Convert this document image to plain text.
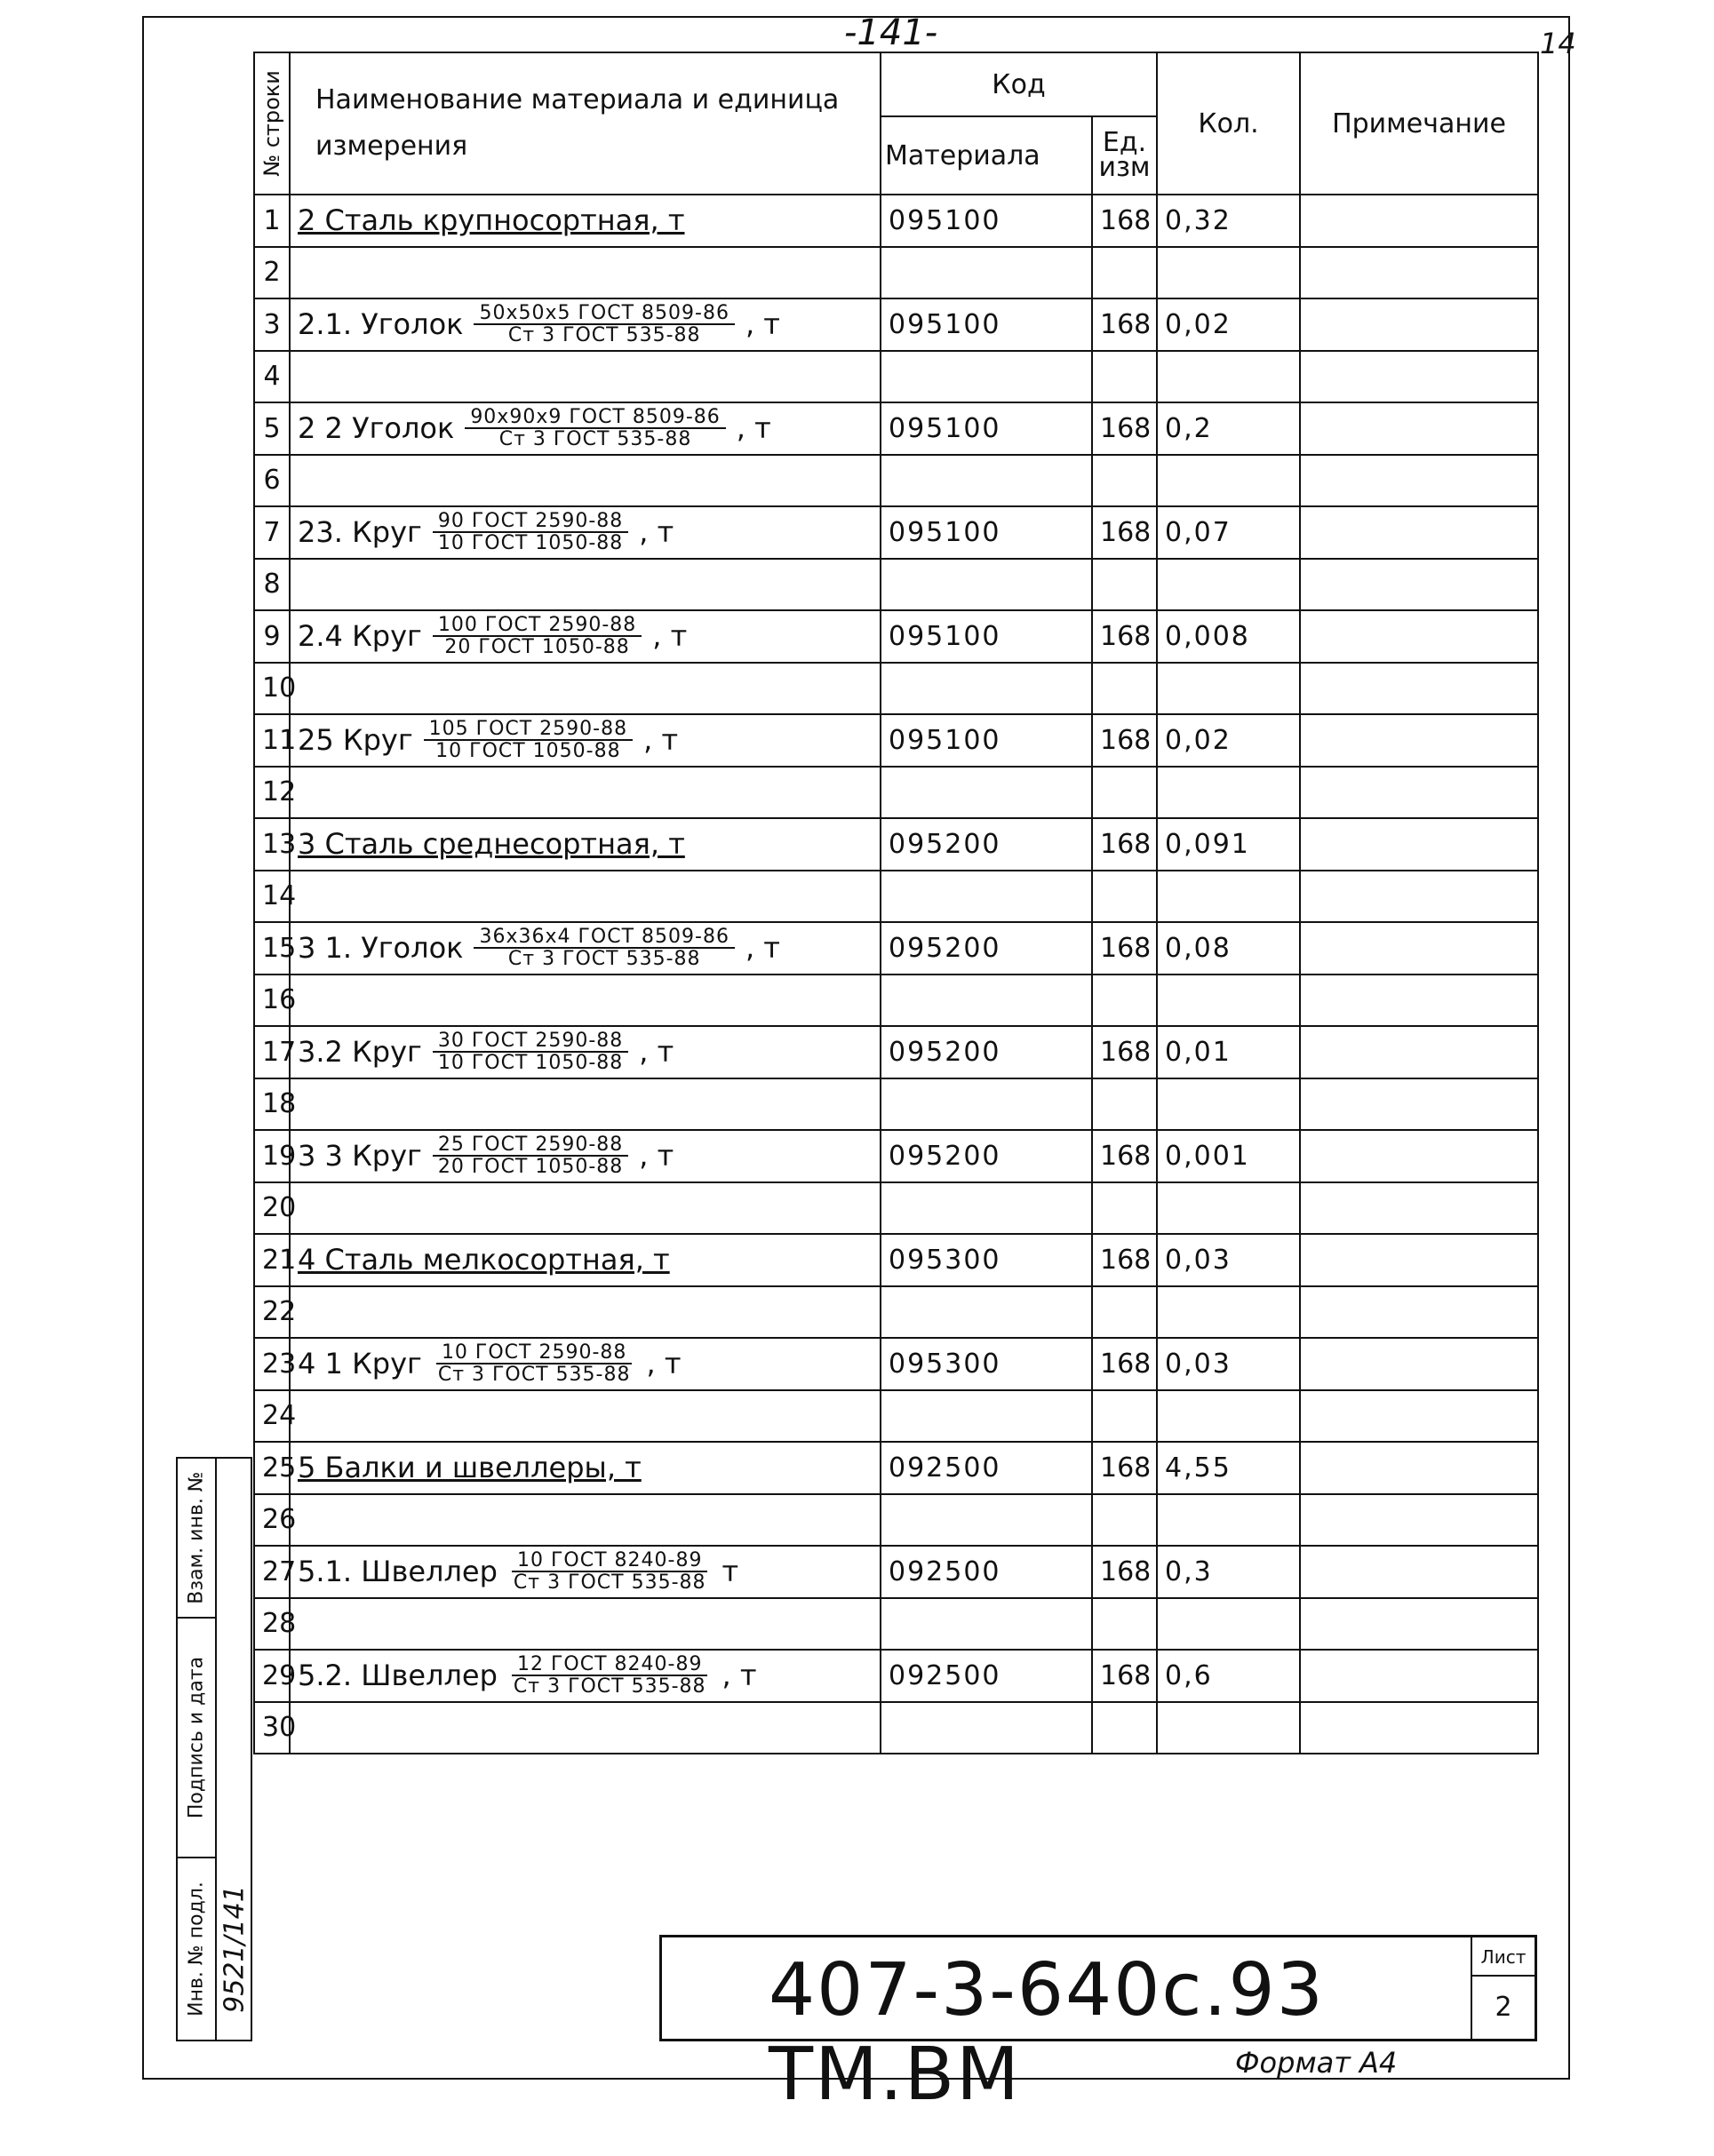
-141-	14
№ строки	Наименование материала и единица измерения	Код		Кол.	Примечание
		Материала	Ед. изм		
1	2 Сталь крупносортная, т	095100	168	0,32	
2	

3	2.1. Уголок $\frac{\text{50x50x5 ГОСТ 8509-86}}{\text{Ст 3 ГОСТ 535-88}}$ , т	095100	168	0,02	
4	

5	2 2 Уголок $\frac{\text{90x90x9 ГОСТ 8509-86}}{\text{Ст 3 ГОСТ 535-88}}$ , т	095100	168	0,2	
6	

7	23. Круг $\frac{\text{90 ГОСТ 2590-88}}{\text{10 ГОСТ 1050-88}}$ , т	095100	168	0,07	
8	

9	2.4 Круг $\frac{\text{100 ГОСТ 2590-88}}{\text{20 ГОСТ 1050-88}}$ , т	095100	168	0,008	
10	

11	25 Круг $\frac{\text{105 ГОСТ 2590-88}}{\text{10 ГОСТ 1050-88}}$ , т	095100	168	0,02	
12	

13	3 Сталь среднесортная, т	095200	168	0,091	
14	

15	3 1. Уголок $\frac{\text{36x36x4 ГОСТ 8509-86}}{\text{Ст 3 ГОСТ 535-88}}$ , т	095200	168	0,08	
16	

17	3.2 Круг $\frac{\text{30 ГОСТ 2590-88}}{\text{10 ГОСТ 1050-88}}$ , т	095200	168	0,01	
18	

19	3 3 Круг $\frac{\text{25 ГОСТ 2590-88}}{\text{20 ГОСТ 1050-88}}$ , т	095200	168	0,001	
20	

21	4 Сталь мелкосортная, т	095300	168	0,03	
22	

23	4 1 Круг $\frac{\text{10 ГОСТ 2590-88}}{\text{Ст 3 ГОСТ 535-88}}$ , т	095300	168	0,03	
24	

25	5 Балки и швеллеры, т	092500	168	4,55	
26	

27	5.1. Швеллер $\frac{\text{10 ГОСТ 8240-89}}{\text{Ст 3 ГОСТ 535-88}}$ т	092500	168	0,3	
28	

29	5.2. Швеллер $\frac{\text{12 ГОСТ 8240-89}}{\text{Ст 3 ГОСТ 535-88}}$ , т	092500	168	0,6	
30	

Взам. инв. №
Подпись и дата
Инв. № подл. 9521/141	407-3-640с.93 ТМ.ВМ
Лист
2
Формат А4
